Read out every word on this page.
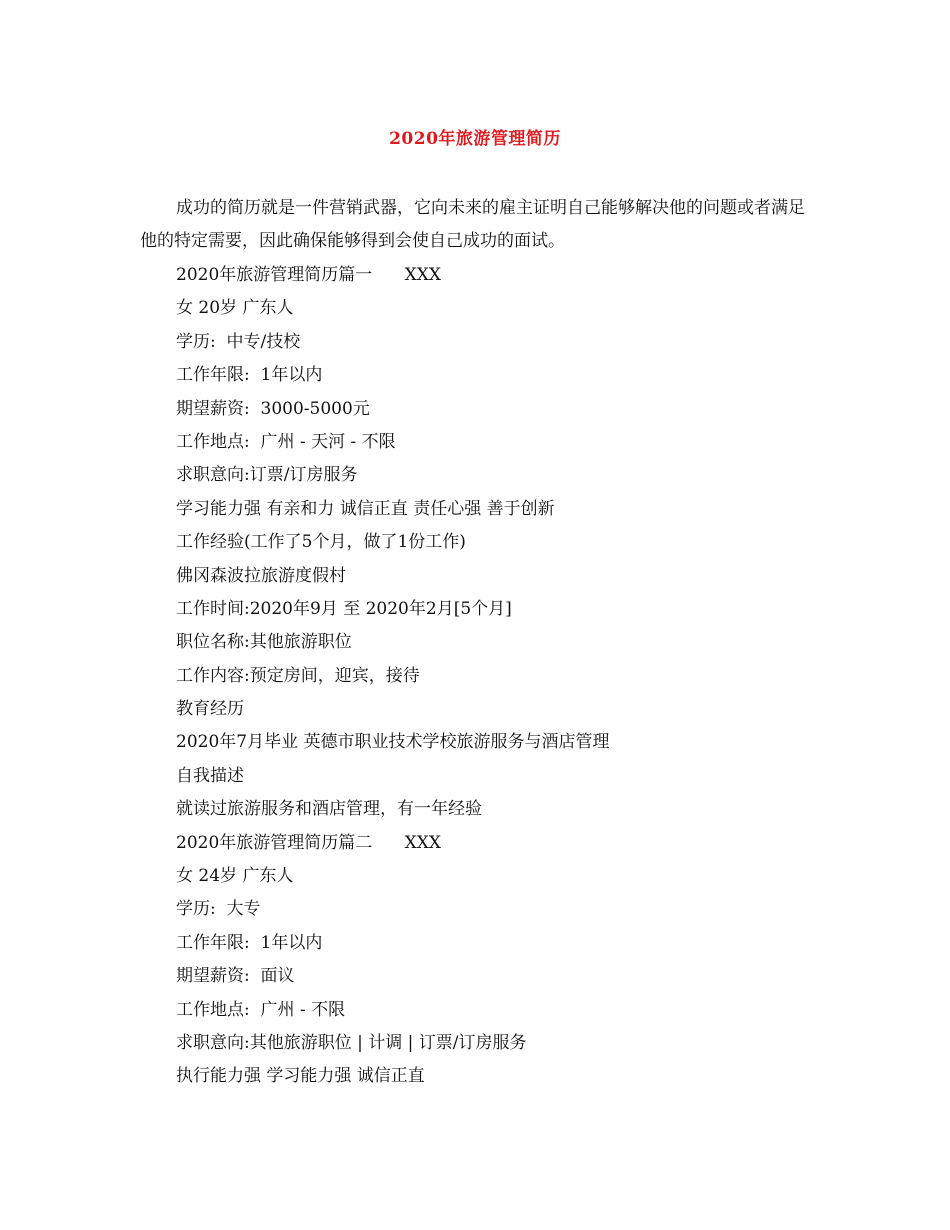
2020年旅游管理简历

成功的简历就是一件营销武器，它向未来的雇主证明自己能够解决他的问题或者满足他的特定需要，因此确保能够得到会使自己成功的面试。

2020年旅游管理简历篇一      XXX
女 20岁 广东人
学历:  中专/技校
工作年限:  1年以内
期望薪资:  3000-5000元
工作地点:  广州 - 天河 - 不限
求职意向:订票/订房服务
学习能力强 有亲和力 诚信正直 责任心强 善于创新
工作经验(工作了5个月，做了1份工作)
佛冈森波拉旅游度假村
工作时间:2020年9月 至 2020年2月[5个月]
职位名称:其他旅游职位
工作内容:预定房间，迎宾，接待
教育经历
2020年7月毕业 英德市职业技术学校旅游服务与酒店管理
自我描述
就读过旅游服务和酒店管理，有一年经验
2020年旅游管理简历篇二      XXX
女 24岁 广东人
学历:  大专
工作年限:  1年以内
期望薪资:  面议
工作地点:  广州 - 不限
求职意向:其他旅游职位 | 计调 | 订票/订房服务
执行能力强 学习能力强 诚信正直
